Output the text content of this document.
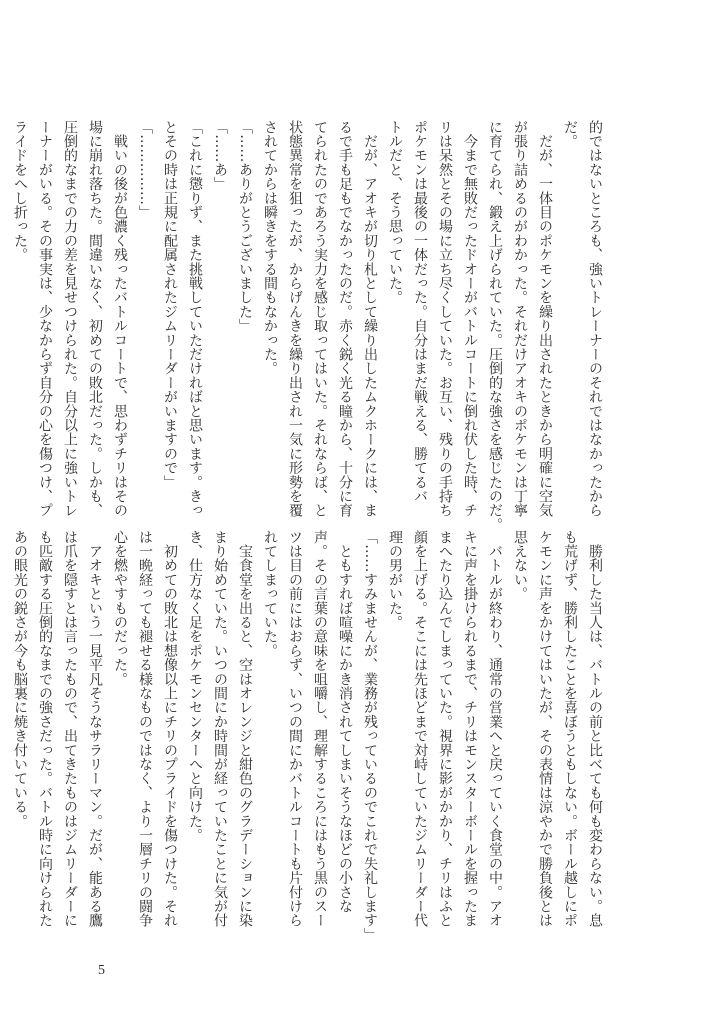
的ではないところも、強いトレーナーのそれではなかったから
だ。
　だが、一体目のポケモンを繰り出されたときから明確に空気
が張り詰めるのがわかった。それだけアオキのポケモンは丁寧
に育てられ、鍛え上げられていた。圧倒的な強さを感じたのだ。
　今まで無敗だったドオーがバトルコートに倒れ伏した時、チ
リは呆然とその場に立ち尽くしていた。お互い、残りの手持ち
ポケモンは最後の一体だった。自分はまだ戦える、勝てるバ
トルだと、そう思っていた。
　だが、アオキが切り札として繰り出したムクホークには、ま
るで手も足もでなかったのだ。赤く鋭く光る瞳から、十分に育
てられたのであろう実力を感じ取ってはいた。それならば、と
状態異常を狙ったが、からげんきを繰り出され一気に形勢を覆
されてからは瞬きをする間もなかった。
「……ありがとうございました」
「……あ」
「これに懲りず、また挑戦していただければと思います。きっ
とその時は正規に配属されたジムリーダーがいますので」
「……………」
　戦いの後が色濃く残ったバトルコートで、思わずチリはその
場に崩れ落ちた。間違いなく、初めての敗北だった。しかも、
圧倒的なまでの力の差を見せつけられた。自分以上に強いトレ
ーナーがいる。その事実は、少なからず自分の心を傷つけ、プ
ライドをへし折った。
　勝利した当人は、バトルの前と比べても何も変わらない。息
も荒げず、勝利したことを喜ぼうともしない。ボール越しにポ
ケモンに声をかけてはいたが、その表情は涼やかで勝負後とは
思えない。
　バトルが終わり、通常の営業へと戻っていく食堂の中。アオ
キに声を掛けられるまで、チリはモンスターボールを握ったま
まへたり込んでしまっていた。視界に影がかかり、チリはふと
顔を上げる。そこには先ほどまで対峙していたジムリーダー代
理の男がいた。
「……すみませんが、業務が残っているのでこれで失礼します」
　ともすれば喧噪にかき消されてしまいそうなほどの小さな
声。その言葉の意味を咀嚼し、理解するころにはもう黒のスー
ツは目の前にはおらず、いつの間にかバトルコートも片付けら
れてしまっていた。
　宝食堂を出ると、空はオレンジと紺色のグラデーションに染
まり始めていた。いつの間にか時間が経っていたことに気が付
き、仕方なく足をポケモンセンターへと向けた。
　初めての敗北は想像以上にチリのプライドを傷つけた。それ
は一晩経っても褪せる様なものではなく、より一層チリの闘争
心を燃やすものだった。
　アオキという一見平凡そうなサラリーマン。だが、能ある鷹
は爪を隠すとは言ったもので、出てきたものはジムリーダーに
も匹敵する圧倒的なまでの強さだった。バトル時に向けられた
あの眼光の鋭さが今も脳裏に焼き付いている。
5
